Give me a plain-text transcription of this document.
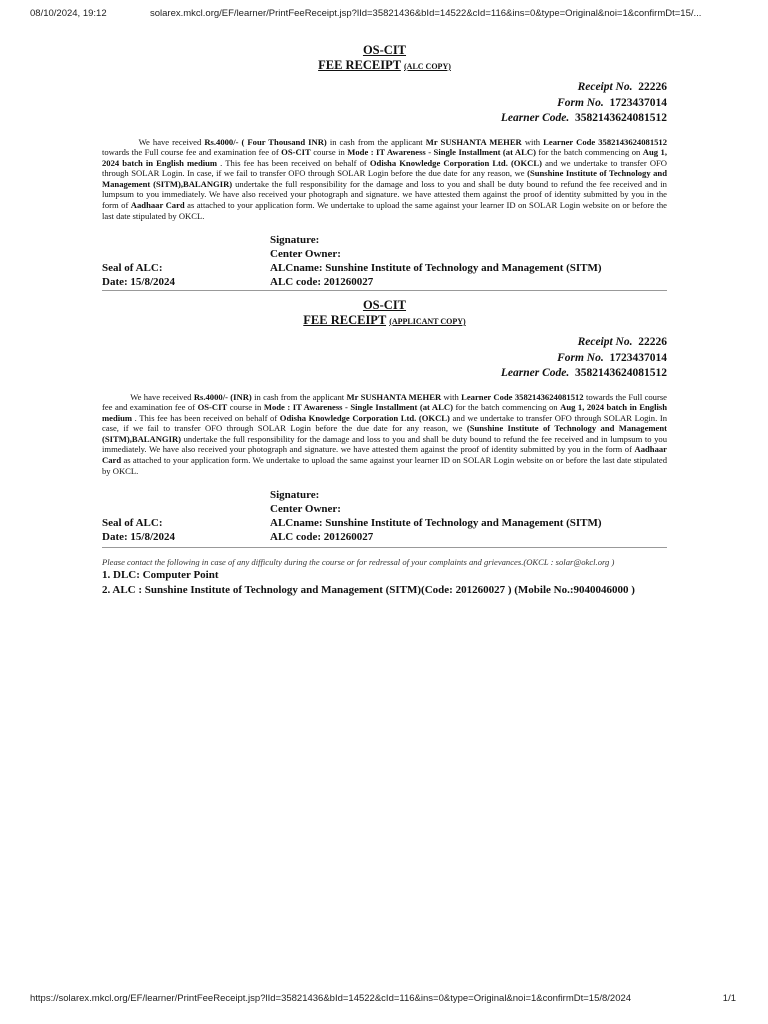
08/10/2024, 19:12	solarex.mkcl.org/EF/learner/PrintFeeReceipt.jsp?lId=35821436&bId=14522&cId=116&ins=0&type=Original&noi=1&confirmDt=15/...
OS-CIT
FEE RECEIPT (ALC COPY)
Receipt No. 22226
Form No. 1723437014
Learner Code. 3582143624081512
We have received Rs.4000/- ( Four Thousand INR) in cash from the applicant Mr SUSHANTA MEHER with Learner Code 3582143624081512 towards the Full course fee and examination fee of OS-CIT course in Mode : IT Awareness - Single Installment (at ALC) for the batch commencing on Aug 1, 2024 batch in English medium . This fee has been received on behalf of Odisha Knowledge Corporation Ltd. (OKCL) and we undertake to transfer OFO through SOLAR Login. In case, if we fail to transfer OFO through SOLAR Login before the due date for any reason, we (Sunshine Institute of Technology and Management (SITM),BALANGIR) undertake the full responsibility for the damage and loss to you and shall be duty bound to refund the fee received and in lumpsum to you immediately. We have also received your photograph and signature. we have attested them against the proof of identity submitted by you in the form of Aadhaar Card as attached to your application form. We undertake to upload the same against your learner ID on SOLAR Login website on or before the last date stipulated by OKCL.
Seal of ALC:
Date: 15/8/2024
Signature:
Center Owner:
ALCname: Sunshine Institute of Technology and Management (SITM)
ALC code: 201260027
OS-CIT
FEE RECEIPT (APPLICANT COPY)
Receipt No. 22226
Form No. 1723437014
Learner Code. 3582143624081512
We have received Rs.4000/- (INR) in cash from the applicant Mr SUSHANTA MEHER with Learner Code 3582143624081512 towards the Full course fee and examination fee of OS-CIT course in Mode : IT Awareness - Single Installment (at ALC) for the batch commencing on Aug 1, 2024 batch in English medium . This fee has been received on behalf of Odisha Knowledge Corporation Ltd. (OKCL) and we undertake to transfer OFO through SOLAR Login. In case, if we fail to transfer OFO through SOLAR Login before the due date for any reason, we (Sunshine Institute of Technology and Management (SITM),BALANGIR) undertake the full responsibility for the damage and loss to you and shall be duty bound to refund the fee received and in lumpsum to you immediately. We have also received your photograph and signature. we have attested them against the proof of identity submitted by you in the form of Aadhaar Card as attached to your application form. We undertake to upload the same against your learner ID on SOLAR Login website on or before the last date stipulated by OKCL.
Seal of ALC:
Date: 15/8/2024
Signature:
Center Owner:
ALCname: Sunshine Institute of Technology and Management (SITM)
ALC code: 201260027
Please contact the following in case of any difficulty during the course or for redressal of your complaints and grievances.(OKCL : solar@okcl.org )
1. DLC: Computer Point
2. ALC : Sunshine Institute of Technology and Management (SITM)(Code: 201260027 ) (Mobile No.:9040046000 )
https://solarex.mkcl.org/EF/learner/PrintFeeReceipt.jsp?lId=35821436&bId=14522&cId=116&ins=0&type=Original&noi=1&confirmDt=15/8/2024	1/1
